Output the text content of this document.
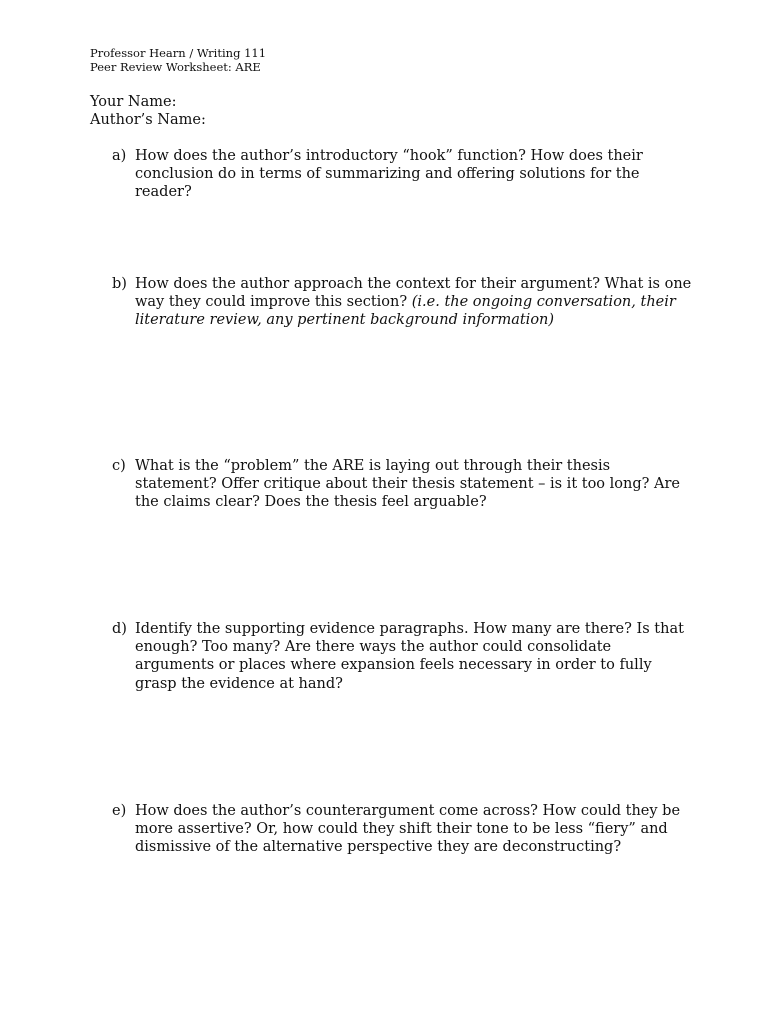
Professor Hearn / Writing 111
Peer Review Worksheet: ARE
Your Name:
Author’s Name:
a) How does the author’s introductory “hook” function? How does their conclusion do in terms of summarizing and offering solutions for the reader?
b) How does the author approach the context for their argument? What is one way they could improve this section? (i.e. the ongoing conversation, their literature review, any pertinent background information)
c) What is the “problem” the ARE is laying out through their thesis statement? Offer critique about their thesis statement – is it too long? Are the claims clear? Does the thesis feel arguable?
d) Identify the supporting evidence paragraphs. How many are there? Is that enough? Too many? Are there ways the author could consolidate arguments or places where expansion feels necessary in order to fully grasp the evidence at hand?
e) How does the author’s counterargument come across? How could they be more assertive? Or, how could they shift their tone to be less “fiery” and dismissive of the alternative perspective they are deconstructing?
